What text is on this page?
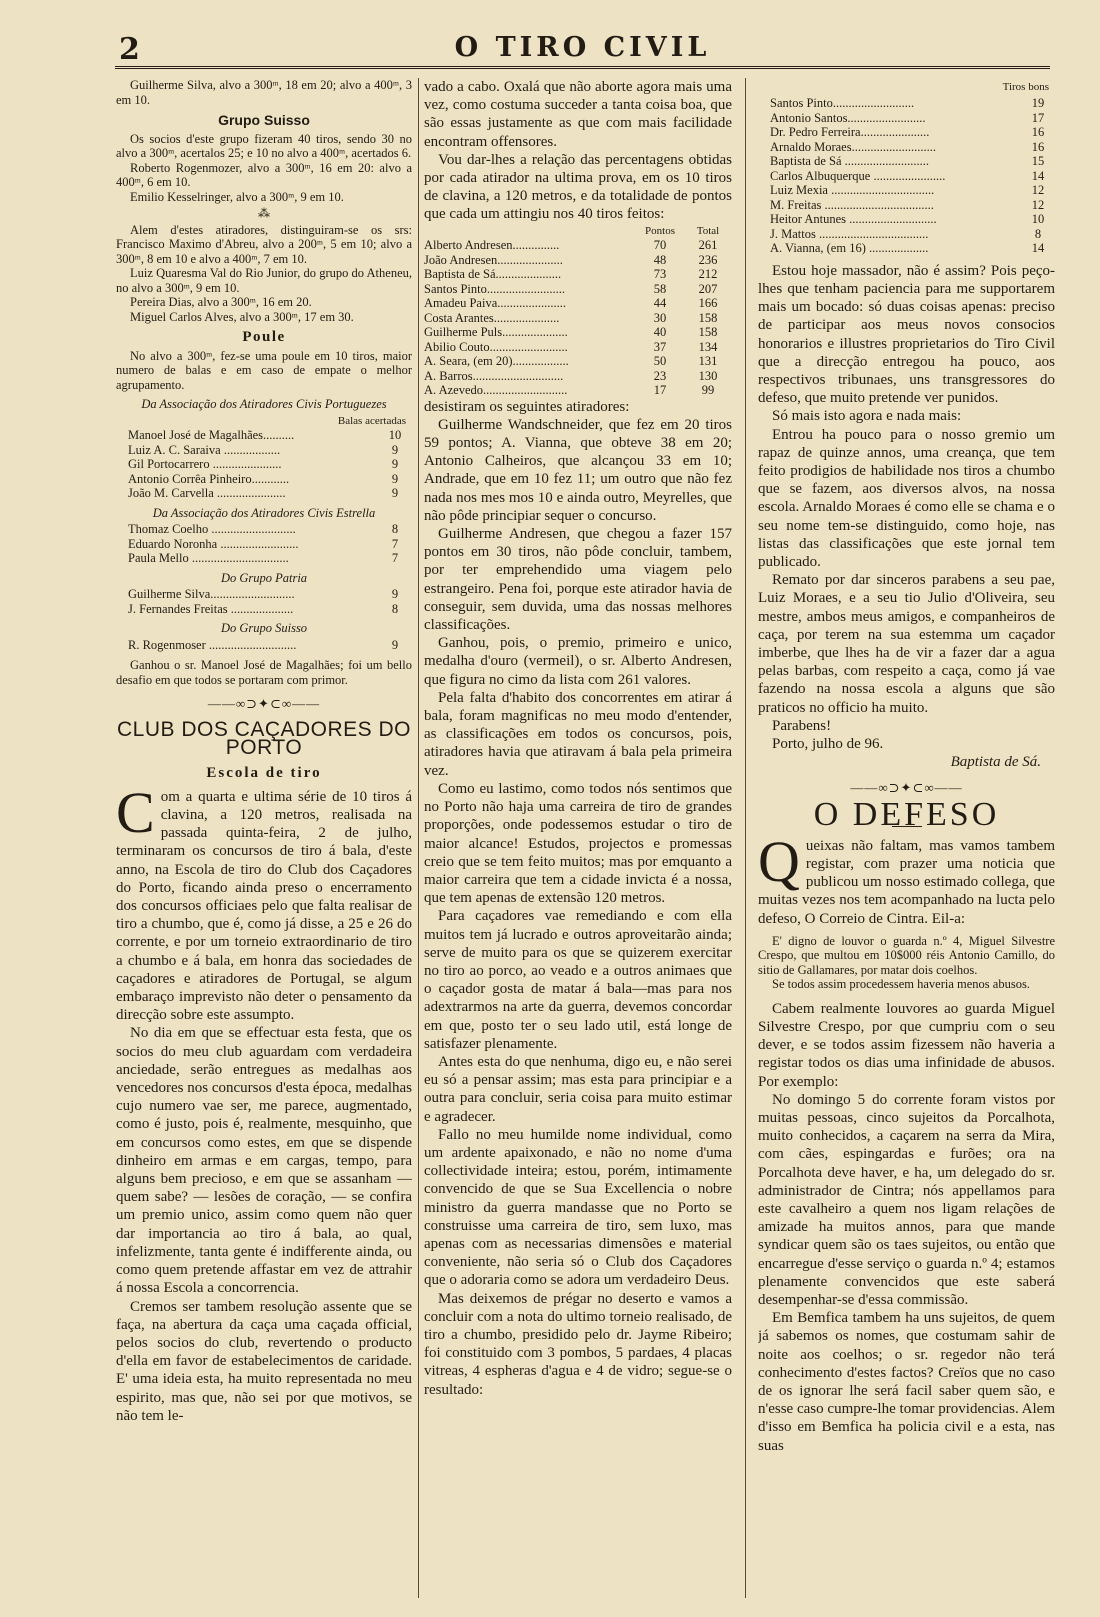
2	O TIRO CIVIL

Guilherme Silva, alvo a 300ᵐ, 18 em 20; alvo a 400ᵐ, 3 em 10.

Grupo Suisso

Os socios d'este grupo fizeram 40 tiros, sendo 30 no alvo a 300ᵐ, acertalos 25; e 10 no alvo a 400ᵐ, acertados 6.

Roberto Rogenmozer, alvo a 300ᵐ, 16 em 20: alvo a 400ᵐ, 6 em 10.

Emilio Kesselringer, alvo a 300ᵐ, 9 em 10.

⁂

Alem d'estes atiradores, distinguiram-se os srs: Francisco Maximo d'Abreu, alvo a 200ᵐ, 5 em 10; alvo a 300ᵐ, 8 em 10 e alvo a 400ᵐ, 7 em 10.

Luiz Quaresma Val do Rio Junior, do grupo do Atheneu, no alvo a 300ᵐ, 9 em 10.

Pereira Dias, alvo a 300ᵐ, 16 em 20.

Miguel Carlos Alves, alvo a 300ᵐ, 17 em 30.

Poule

No alvo a 300ᵐ, fez-se uma poule em 10 tiros, maior numero de balas e em caso de empate o melhor agrupamento.

Da Associação dos Atiradores Civis Portuguezes
Balas acertadas
Manoel José de Magalhães..........	10
Luiz A. C. Saraiva ..................	9
Gil Portocarrero ......................	9
Antonio Corrêa Pinheiro............	9
João M. Carvella ......................	9
Da Associação dos Atiradores Civis Estrella
Thomaz Coelho ...........................	8
Eduardo Noronha .........................	7
Paula Mello ...............................	7
Do Grupo Patria
Guilherme Silva...........................	9
J. Fernandes Freitas ....................	8
Do Grupo Suisso
R. Rogenmoser ............................	9

Ganhou o sr. Manoel José de Magalhães; foi um bello desafio em que todos se portaram com primor.

——∞⊃✦⊂∞——
CLUB DOS CAÇADORES DO PORTO
Escola de tiro

Com a quarta e ultima série de 10 tiros á clavina, a 120 metros, realisada na passada quinta-feira, 2 de julho, terminaram os concursos de tiro á bala, d'este anno, na Escola de tiro do Club dos Caçadores do Porto, ficando ainda preso o encerramento dos concursos officiaes pelo que falta realisar de tiro a chumbo, que é, como já disse, a 25 e 26 do corrente, e por um torneio extraordinario de tiro a chumbo e á bala, em honra das sociedades de caçadores e atiradores de Portugal, se algum embaraço imprevisto não deter o pensamento da direcção sobre este assumpto.

No dia em que se effectuar esta festa, que os socios do meu club aguardam com verdadeira anciedade, serão entregues as medalhas aos vencedores nos concursos d'esta época, medalhas cujo numero vae ser, me parece, augmentado, como é justo, pois é, realmente, mesquinho, que em concursos como estes, em que se dispende dinheiro em armas e em cargas, tempo, para alguns bem precioso, e em que se assanham — quem sabe? — lesões de coração, — se confira um premio unico, assim como quem não quer dar importancia ao tiro á bala, ao qual, infelizmente, tanta gente é indifferente ainda, ou como quem pretende affastar em vez de attrahir á nossa Escola a concorrencia.

Cremos ser tambem resolução assente que se faça, na abertura da caça uma caçada official, pelos socios do club, revertendo o producto d'ella em favor de estabelecimentos de caridade. E' uma ideia esta, ha muito representada no meu espirito, mas que, não sei por que motivos, se não tem le-

vado a cabo. Oxalá que não aborte agora mais uma vez, como costuma succeder a tanta coisa boa, que são essas justamente as que com mais facilidade encontram offensores.

Vou dar-lhes a relação das percentagens obtidas por cada atirador na ultima prova, em os 10 tiros de clavina, a 120 metros, e da totalidade de pontos que cada um attingiu nos 40 tiros feitos:

	Pontos	Total
Alberto Andresen...............	70	261
João Andresen.....................	48	236
Baptista de Sá.....................	73	212
Santos Pinto.........................	58	207
Amadeu Paiva......................	44	166
Costa Arantes.....................	30	158
Guilherme Puls.....................	40	158
Abilio Couto.........................	37	134
A. Seara, (em 20)..................	50	131
A. Barros.............................	23	130
A. Azevedo...........................	17	99

desistiram os seguintes atiradores:

Guilherme Wandschneider, que fez em 20 tiros 59 pontos; A. Vianna, que obteve 38 em 20; Antonio Calheiros, que alcançou 33 em 10; Andrade, que em 10 fez 11; um outro que não fez nada nos mes mos 10 e ainda outro, Meyrelles, que não pôde principiar sequer o concurso.

Guilherme Andresen, que chegou a fazer 157 pontos em 30 tiros, não pôde concluir, tambem, por ter emprehendido uma viagem pelo estrangeiro. Pena foi, porque este atirador havia de conseguir, sem duvida, uma das nossas melhores classificações.

Ganhou, pois, o premio, primeiro e unico, medalha d'ouro (vermeil), o sr. Alberto Andresen, que figura no cimo da lista com 261 valores.

Pela falta d'habito dos concorrentes em atirar á bala, foram magnificas no meu modo d'entender, as classificações em todos os concursos, pois, atiradores havia que atiravam á bala pela primeira vez.

Como eu lastimo, como todos nós sentimos que no Porto não haja uma carreira de tiro de grandes proporções, onde podessemos estudar o tiro de maior alcance! Estudos, projectos e promessas creio que se tem feito muitos; mas por emquanto a maior carreira que tem a cidade invicta é a nossa, que tem apenas de extensão 120 metros.

Para caçadores vae remediando e com ella muitos tem já lucrado e outros aproveitarão ainda; serve de muito para os que se quizerem exercitar no tiro ao porco, ao veado e a outros animaes que o caçador gosta de matar á bala—mas para nos adextrarmos na arte da guerra, devemos concordar em que, posto ter o seu lado util, está longe de satisfazer plenamente.

Antes esta do que nenhuma, digo eu, e não serei eu só a pensar assim; mas esta para principiar e a outra para concluir, seria coisa para muito estimar e agradecer.

Fallo no meu humilde nome individual, como um ardente apaixonado, e não no nome d'uma collectividade inteira; estou, porém, intimamente convencido de que se Sua Excellencia o nobre ministro da guerra mandasse que no Porto se construisse uma carreira de tiro, sem luxo, mas apenas com as necessarias dimensões e material conveniente, não seria só o Club dos Caçadores que o adoraria como se adora um verdadeiro Deus.

Mas deixemos de prégar no deserto e vamos a concluir com a nota do ultimo torneio realisado, de tiro a chumbo, presidido pelo dr. Jayme Ribeiro; foi constituido com 3 pombos, 5 pardaes, 4 placas vitreas, 4 espheras d'agua e 4 de vidro; segue-se o resultado:

Tiros bons
Santos Pinto..........................	19
Antonio Santos.........................	17
Dr. Pedro Ferreira......................	16
Arnaldo Moraes...........................	16
Baptista de Sá ...........................	15
Carlos Albuquerque .......................	14
Luiz Mexia .................................	12
M. Freitas ...................................	12
Heitor Antunes ............................	10
J. Mattos ...................................	8
A. Vianna, (em 16) ...................	14

Estou hoje massador, não é assim? Pois peço-lhes que tenham paciencia para me supportarem mais um bocado: só duas coisas apenas: preciso de participar aos meus novos consocios honorarios e illustres proprietarios do Tiro Civil que a direcção entregou ha pouco, aos respectivos tribunaes, uns transgressores do defeso, que muito pretende ver punidos.

Só mais isto agora e nada mais:

Entrou ha pouco para o nosso gremio um rapaz de quinze annos, uma creança, que tem feito prodigios de habilidade nos tiros a chumbo que se fazem, aos diversos alvos, na nossa escola. Arnaldo Moraes é como elle se chama e o seu nome tem-se distinguido, como hoje, nas listas das classificações que este jornal tem publicado.

Remato por dar sinceros parabens a seu pae, Luiz Moraes, e a seu tio Julio d'Oliveira, seu mestre, ambos meus amigos, e companheiros de caça, por terem na sua estemma um caçador imberbe, que lhes ha de vir a fazer dar a agua pelas barbas, com respeito a caça, como já vae fazendo na nossa escola a alguns que são praticos no officio ha muito.

Parabens!

Porto, julho de 96.

Baptista de Sá.
——∞⊃✦⊂∞——
O DEFESO

Queixas não faltam, mas vamos tambem registar, com prazer uma noticia que publicou um nosso estimado collega, que muitas vezes nos tem acompanhado na lucta pelo defeso, O Correio de Cintra. Eil-a:

E' digno de louvor o guarda n.º 4, Miguel Silvestre Crespo, que multou em 10$000 réis Antonio Camillo, do sitio de Gallamares, por matar dois coelhos.

Se todos assim procedessem haveria menos abusos.

Cabem realmente louvores ao guarda Miguel Silvestre Crespo, por que cumpriu com o seu dever, e se todos assim fizessem não haveria a registar todos os dias uma infinidade de abusos. Por exemplo:

No domingo 5 do corrente foram vistos por muitas pessoas, cinco sujeitos da Porcalhota, muito conhecidos, a caçarem na serra da Mira, com cães, espingardas e furões; ora na Porcalhota deve haver, e ha, um delegado do sr. administrador de Cintra; nós appellamos para este cavalheiro a quem nos ligam relações de amizade ha muitos annos, para que mande syndicar quem são os taes sujeitos, ou então que encarregue d'esse serviço o guarda n.º 4; estamos plenamente convencidos que este saberá desempenhar-se d'essa commissão.

Em Bemfica tambem ha uns sujeitos, de quem já sabemos os nomes, que costumam sahir de noite aos coelhos; o sr. regedor não terá conhecimento d'estes factos? Creïos que no caso de os ignorar lhe será facil saber quem são, e n'esse caso cumpre-lhe tomar providencias. Alem d'isso em Bemfica ha policia civil e a esta, nas suas
